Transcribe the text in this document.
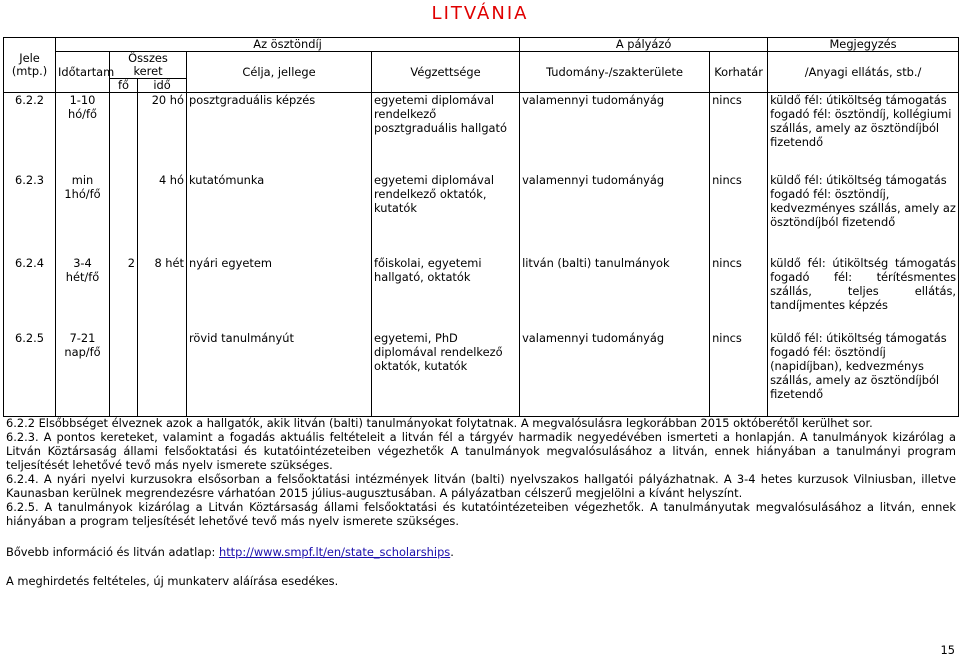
LITVÁNIA
Jele (mtp.)	Az ösztöndíj					A pályázó		Megjegyzés
	Időtartam	Összes keret		Célja, jellege	Végzettsége	Tudomány-/szakterülete	Korhatár	/Anyagi ellátás, stb./
		fő	idő					
6.2.2	1-10 hó/fő		20 hó	posztgraduális képzés	egyetemi diplomával rendelkező posztgraduális hallgató	valamennyi tudományág	nincs	küldő fél: útiköltség támogatás fogadó fél: ösztöndíj, kollégiumi szállás, amely az ösztöndíjból fizetendő
6.2.3	min 1hó/fő		4 hó	kutatómunka	egyetemi diplomával rendelkező oktatók, kutatók	valamennyi tudományág	nincs	küldő fél: útiköltség támogatás fogadó fél: ösztöndíj, kedvezményes szállás, amely az ösztöndíjból fizetendő
6.2.4	3-4 hét/fő	2	8 hét	nyári egyetem	főiskolai, egyetemi hallgató, oktatók	litván (balti) tanulmányok	nincs	küldő fél: útiköltség támogatás fogadó fél: térítésmentes szállás, teljes ellátás, tandíjmentes képzés
6.2.5	7-21 nap/fő			rövid tanulmányút	egyetemi, PhD diplomával rendelkező oktatók, kutatók	valamennyi tudományág	nincs	küldő fél: útiköltség támogatás fogadó fél: ösztöndíj (napidíjban), kedvezménys szállás, amely az ösztöndíjból fizetendő

6.2.2 Elsőbbséget élveznek azok a hallgatók, akik litván (balti) tanulmányokat folytatnak. A megvalósulásra legkorábban 2015 októberétől kerülhet sor.

6.2.3. A pontos kereteket, valamint a fogadás aktuális feltételeit a litván fél a tárgyév harmadik negyedévében ismerteti a honlapján. A tanulmányok kizárólag a Litván Köztársaság állami felsőoktatási és kutatóintézeteiben végezhetők A tanulmányok megvalósulásához a litván, ennek hiányában a tanulmányi program teljesítését lehetővé tevő más nyelv ismerete szükséges.

6.2.4. A nyári nyelvi kurzusokra elsősorban a felsőoktatási intézmények litván (balti) nyelvszakos hallgatói pályázhatnak. A 3-4 hetes kurzusok Vilniusban, illetve Kaunasban kerülnek megrendezésre várhatóan 2015 július-augusztusában. A pályázatban célszerű megjelölni a kívánt helyszínt.

6.2.5. A tanulmányok kizárólag a Litván Köztársaság állami felsőoktatási és kutatóintézeteiben végezhetők. A tanulmányutak megvalósulásához a litván, ennek hiányában a program teljesítését lehetővé tevő más nyelv ismerete szükséges.

Bővebb információ és litván adatlap: http://www.smpf.lt/en/state_scholarships.
A meghirdetés feltételes, új munkaterv aláírása esedékes.
15
